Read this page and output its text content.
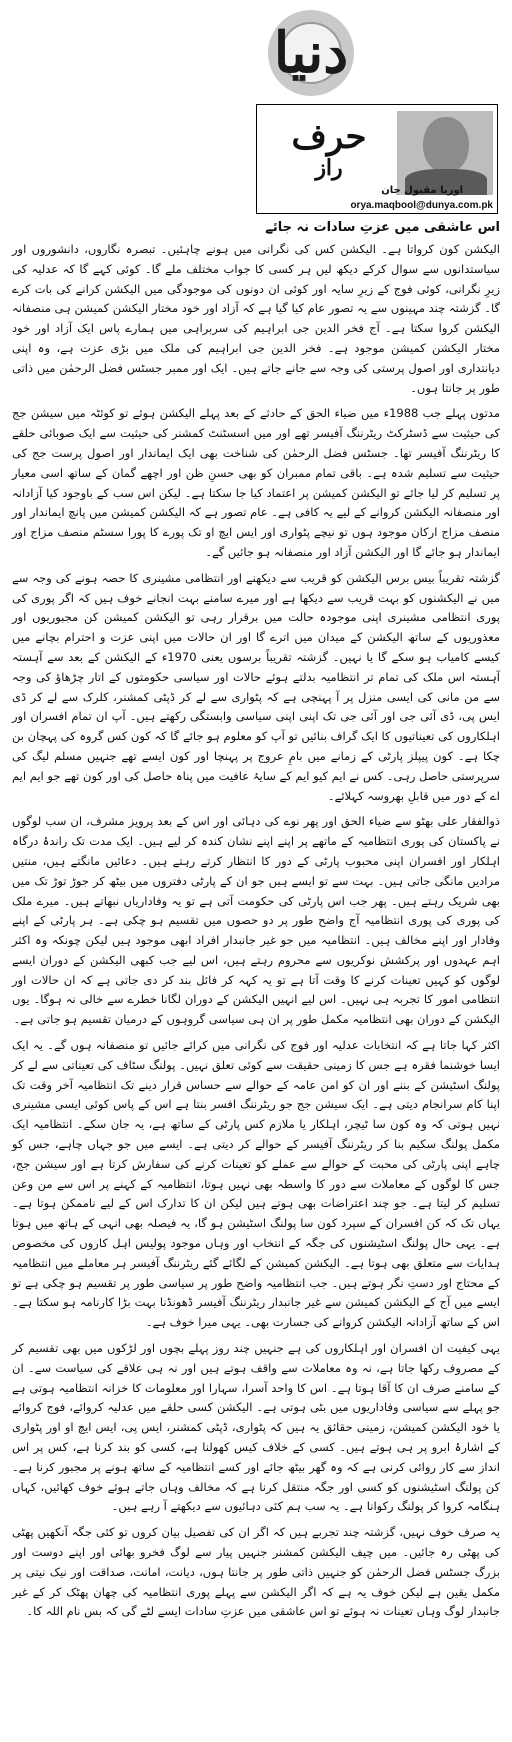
دنیا
حرف
راز
اوریا مقبول جان
orya.maqbool@dunya.com.pk
اس عاشقی میں عزتِ سادات نہ جائے

الیکشن کون کرواتا ہے۔ الیکشن کس کی نگرانی میں ہونے چاہئیں۔ تبصرہ نگاروں، دانشوروں اور سیاستدانوں سے سوال کرکے دیکھ لیں ہر کسی کا جواب مختلف ملے گا۔ کوئی کہے گا کہ عدلیہ کی زیرِ نگرانی، کوئی فوج کے زیرِ سایہ اور کوئی ان دونوں کی موجودگی میں الیکشن کرانے کی بات کرے گا۔ گزشتہ چند مہینوں سے یہ تصور عام کیا گیا ہے کہ آزاد اور خود مختار الیکشن کمیشن ہی منصفانہ الیکشن کروا سکتا ہے۔ آج فخر الدین جی ابراہیم کی سربراہی میں ہمارے پاس ایک آزاد اور خود مختار الیکشن کمیشن موجود ہے۔ فخر الدین جی ابراہیم کی ملک میں بڑی عزت ہے، وہ اپنی دیانتداری اور اصول پرستی کی وجہ سے جانے جاتے ہیں۔ ایک اور ممبر جسٹس فضل الرحمٰن میں ذاتی طور پر جانتا ہوں۔

مدتوں پہلے جب 1988ء میں ضیاء الحق کے حادثے کے بعد پہلے الیکشن ہوئے تو کوئٹہ میں سیشن جج کی حیثیت سے ڈسٹرکٹ ریٹرننگ آفیسر تھے اور میں اسسٹنٹ کمشنر کی حیثیت سے ایک صوبائی حلقے کا ریٹرننگ آفیسر تھا۔ جسٹس فضل الرحمٰن کی شناخت بھی ایک ایماندار اور اصول پرست جج کی حیثیت سے تسلیم شدہ ہے۔ باقی تمام ممبران کو بھی حسنِ ظن اور اچھے گمان کے ساتھ اسی معیار پر تسلیم کر لیا جائے تو الیکشن کمیشن پر اعتماد کیا جا سکتا ہے۔ لیکن اس سب کے باوجود کیا آزادانہ اور منصفانہ الیکشن کروانے کے لیے یہ کافی ہے۔ عام تصور ہے کہ الیکشن کمیشن میں پانچ ایماندار اور منصف مزاج ارکان موجود ہوں تو نیچے پٹواری اور ایس ایچ او تک پورے کا پورا سسٹم منصف مزاج اور ایماندار ہو جائے گا اور الیکشن آزاد اور منصفانہ ہو جائیں گے۔

گزشتہ تقریباً بیس برس الیکشن کو قریب سے دیکھنے اور انتظامی مشینری کا حصہ ہونے کی وجہ سے میں نے الیکشنوں کو بہت قریب سے دیکھا ہے اور میرے سامنے بہت انجانے خوف ہیں کہ اگر پوری کی پوری انتظامی مشینری اپنی موجودہ حالت میں برقرار رہی تو الیکشن کمیشن کن مجبوریوں اور معذوریوں کے ساتھ الیکشن کے میدان میں اترے گا اور ان حالات میں اپنی عزت و احترام بچانے میں کیسے کامیاب ہو سکے گا یا نہیں۔ گزشتہ تقریباً برسوں یعنی 1970ء کے الیکشن کے بعد سے آہستہ آہستہ اس ملک کی تمام تر انتظامیہ بدلتے ہوئے حالات اور سیاسی حکومتوں کے اتار چڑھاؤ کی وجہ سے من مانی کی ایسی منزل پر آ پہنچی ہے کہ پٹواری سے لے کر ڈپٹی کمشنر، کلرک سے لے کر ڈی ایس پی، ڈی آئی جی اور آئی جی تک اپنی اپنی سیاسی وابستگی رکھتے ہیں۔ آپ ان تمام افسران اور اہلکاروں کی تعیناتیوں کا ایک گراف بنائیں تو آپ کو معلوم ہو جائے گا کہ کون کس گروہ کی پہچان بن چکا ہے۔ کون پیپلز پارٹی کے زمانے میں بامِ عروج پر پہنچا اور کون ایسے تھے جنہیں مسلم لیگ کی سرپرستی حاصل رہی۔ کس نے ایم کیو ایم کے سایۂ عافیت میں پناہ حاصل کی اور کون تھے جو ایم ایم اے کے دور میں قابلِ بھروسہ کہلائے۔

ذوالفقار علی بھٹو سے ضیاء الحق اور پھر نوے کی دہائی اور اس کے بعد پرویز مشرف، ان سب لوگوں نے پاکستان کی پوری انتظامیہ کے ماتھے پر اپنے اپنے نشان کندہ کر لیے ہیں۔ ایک مدت تک راندۂ درگاہ اہلکار اور افسران اپنی محبوب پارٹی کے دور کا انتظار کرتے رہتے ہیں۔ دعائیں مانگتے ہیں، منتیں مرادیں مانگی جاتی ہیں۔ بہت سے تو ایسے ہیں جو ان کے پارٹی دفتروں میں بیٹھ کر جوڑ توڑ تک میں بھی شریک رہتے ہیں۔ پھر جب اس پارٹی کی حکومت آتی ہے تو یہ وفاداریاں نبھاتے ہیں۔ میرے ملک کی پوری کی پوری انتظامیہ آج واضح طور پر دو حصوں میں تقسیم ہو چکی ہے۔ ہر پارٹی کے اپنے وفادار اور اپنے مخالف ہیں۔ انتظامیہ میں جو غیر جانبدار افراد ابھی موجود ہیں لیکن چونکہ وہ اکثر اہم عہدوں اور پرکشش نوکریوں سے محروم رہتے ہیں، اس لیے جب کبھی الیکشن کے دوران ایسے لوگوں کو کہیں تعینات کرنے کا وقت آتا ہے تو یہ کہہ کر فائل بند کر دی جاتی ہے کہ ان حالات اور انتظامی امور کا تجربہ ہی نہیں۔ اس لیے انہیں الیکشن کے دوران لگانا خطرے سے خالی نہ ہوگا۔ یوں الیکشن کے دوران بھی انتظامیہ مکمل طور پر ان ہی سیاسی گروہوں کے درمیان تقسیم ہو جاتی ہے۔

اکثر کہا جاتا ہے کہ انتخابات عدلیہ اور فوج کی نگرانی میں کرائے جائیں تو منصفانہ ہوں گے۔ یہ ایک ایسا خوشنما فقرہ ہے جس کا زمینی حقیقت سے کوئی تعلق نہیں۔ پولنگ سٹاف کی تعیناتی سے لے کر پولنگ اسٹیشن کے بننے اور ان کو امن عامہ کے حوالے سے حساس قرار دینے تک انتظامیہ آخر وقت تک اپنا کام سرانجام دیتی ہے۔ ایک سیشن جج جو ریٹرننگ افسر بنتا ہے اس کے پاس کوئی ایسی مشینری نہیں ہوتی کہ وہ کون سا ٹیچر، اہلکار یا ملازم کس پارٹی کے ساتھ ہے، یہ جان سکے۔ انتظامیہ ایک مکمل پولنگ سکیم بنا کر ریٹرننگ آفیسر کے حوالے کر دیتی ہے۔ ایسے میں جو جہاں چاہے، جس کو چاہے اپنی پارٹی کی محبت کے حوالے سے عملے کو تعینات کرنے کی سفارش کرتا ہے اور سیشن جج، جس کا لوگوں کے معاملات سے دور کا واسطہ بھی نہیں ہوتا، انتظامیہ کے کہنے پر اس سے من وعن تسلیم کر لیتا ہے۔ جو چند اعتراضات بھی ہوتے ہیں لیکن ان کا تدارک اس کے لیے ناممکن ہوتا ہے۔ یہاں تک کہ کن افسران کے سپرد کون سا پولنگ اسٹیشن ہو گا، یہ فیصلہ بھی انہی کے ہاتھ میں ہوتا ہے۔ یہی حال پولنگ اسٹیشنوں کی جگہ کے انتخاب اور وہاں موجود پولیس اہل کاروں کی مخصوص ہدایات سے متعلق بھی ہوتا ہے۔ الیکشن کمیشن کے لگائے گئے ریٹرننگ آفیسر ہر معاملے میں انتظامیہ کے محتاج اور دستِ نگر ہوتے ہیں۔ جب انتظامیہ واضح طور پر سیاسی طور پر تقسیم ہو چکی ہے تو ایسے میں آج کے الیکشن کمیشن سے غیر جانبدار ریٹرننگ آفیسر ڈھونڈنا بہت بڑا کارنامہ ہو سکتا ہے۔ اس کے ساتھ آزادانہ الیکشن کروانے کی جسارت بھی۔ یہی میرا خوف ہے۔

یہی کیفیت ان افسران اور اہلکاروں کی ہے جنہیں چند روز پہلے بچوں اور لڑکوں میں بھی تقسیم کر کے مصروف رکھا جاتا ہے، نہ وہ معاملات سے واقف ہوتے ہیں اور نہ ہی علاقے کی سیاست سے۔ ان کے سامنے صرف ان کا آقا ہوتا ہے۔ اس کا واحد آسرا، سہارا اور معلومات کا خزانہ انتظامیہ ہوتی ہے جو پہلے سے سیاسی وفاداریوں میں بٹی ہوتی ہے۔ الیکشن کسی حلقے میں عدلیہ کروائے، فوج کروائے یا خود الیکشن کمیشن، زمینی حقائق یہ ہیں کہ پٹواری، ڈپٹی کمشنر، ایس پی، ایس ایچ او اور پٹواری کے اشارۂ ابرو پر ہی ہوتے ہیں۔ کسی کے خلاف کیس کھولنا ہے، کسی کو بند کرنا ہے، کس پر اس انداز سے کار روائی کرنی ہے کہ وہ گھر بیٹھ جائے اور کسے انتظامیہ کے ساتھ ہونے پر مجبور کرنا ہے۔ کن پولنگ اسٹیشنوں کو کسی اور جگہ منتقل کرنا ہے کہ مخالف وہاں جاتے ہوئے خوف کھائیں، کہاں ہنگامہ کروا کر پولنگ رکوانا ہے۔ یہ سب ہم کئی دہائیوں سے دیکھتے آ رہے ہیں۔

یہ صرف خوف نہیں، گزشتہ چند تجربے ہیں کہ اگر ان کی تفصیل بیان کروں تو کئی جگہ آنکھیں پھٹی کی پھٹی رہ جائیں۔ میں چیف الیکشن کمشنر جنہیں پیار سے لوگ فخرو بھائی اور اپنے دوست اور بزرگ جسٹس فضل الرحمٰن کو جنہیں ذاتی طور پر جانتا ہوں، دیانت، امانت، صداقت اور نیک نیتی پر مکمل یقین ہے لیکن خوف یہ ہے کہ اگر الیکشن سے پہلے پوری انتظامیہ کی چھان پھٹک کر کے غیر جانبدار لوگ وہاں تعینات نہ ہوئے تو اس عاشقی میں عزتِ سادات ایسے لٹے گی کہ بس نام اللہ کا۔
